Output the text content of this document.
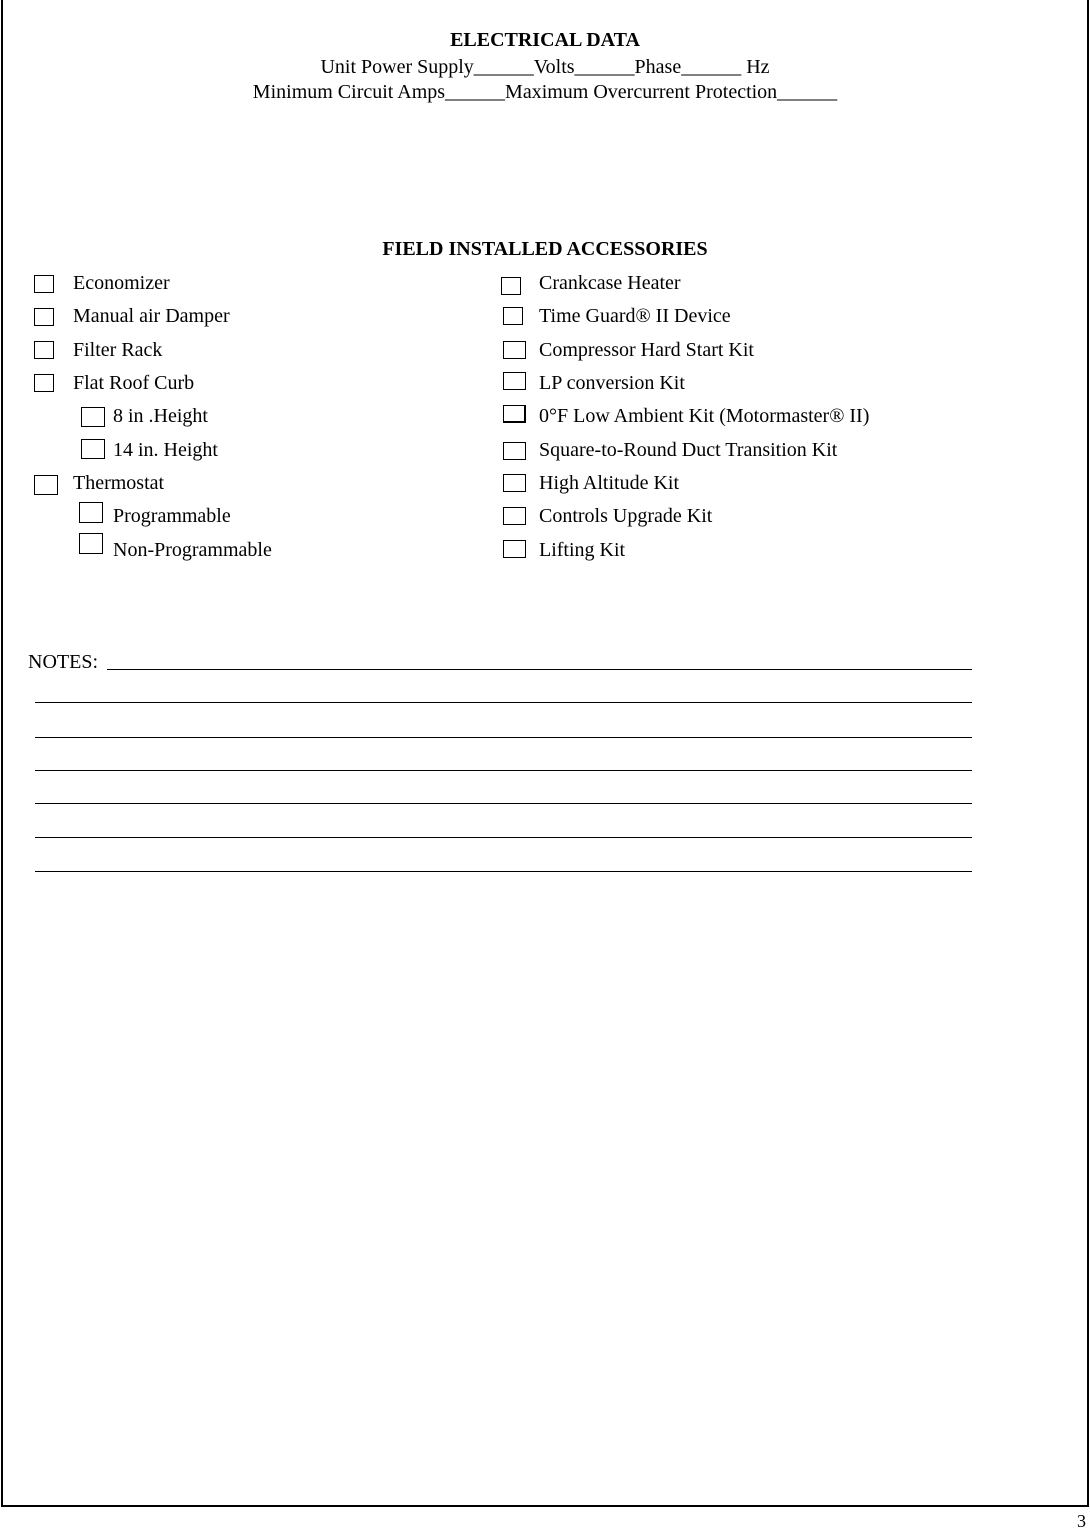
ELECTRICAL DATA
Unit Power Supply______Volts______Phase______ Hz
Minimum Circuit Amps______Maximum Overcurrent Protection______
FIELD INSTALLED ACCESSORIES
Economizer
Manual air Damper
Filter Rack
Flat Roof Curb
8 in .Height
14 in. Height
Thermostat
Programmable
Non-Programmable
Crankcase Heater
Time Guard® II Device
Compressor Hard Start Kit
LP conversion Kit
0°F Low Ambient Kit (Motormaster® II)
Square-to-Round Duct Transition Kit
High Altitude Kit
Controls Upgrade Kit
Lifting Kit
NOTES:
3
